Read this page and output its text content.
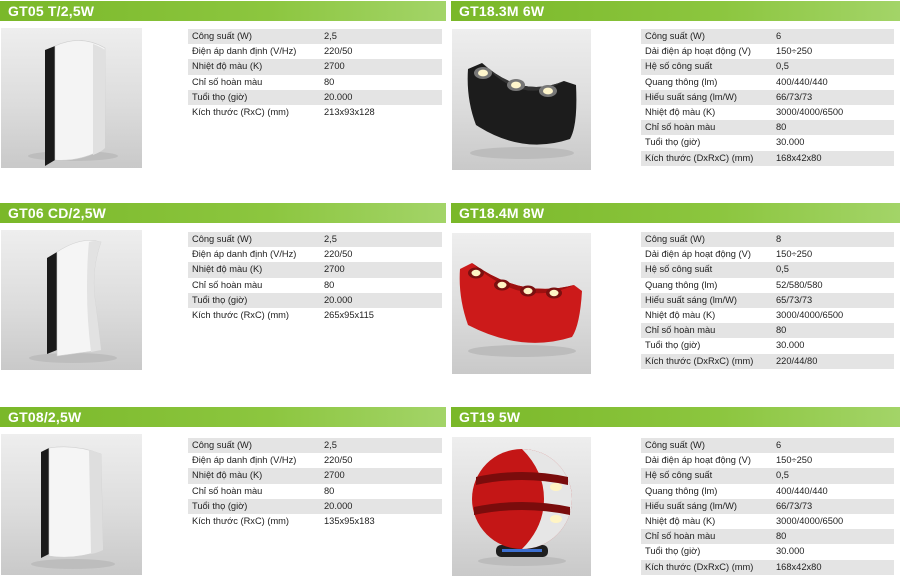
GT05 T/2,5W	GT18.3M 6W
Công suất (W)	2,5
Điện áp danh định (V/Hz)	220/50
Nhiệt độ màu (K)	2700
Chỉ số hoàn màu	80
Tuổi thọ (giờ)	20.000
Kích thước (RxC) (mm)	213x93x128
Công suất (W)	6
Dải điện áp hoạt động (V)	150÷250
Hệ số công suất	0,5
Quang thông (lm)	400/440/440
Hiếu suất sáng (lm/W)	66/73/73
Nhiệt độ màu (K)	3000/4000/6500
Chỉ số hoàn màu	80
Tuổi thọ (giờ)	30.000
Kích thước (DxRxC) (mm)	168x42x80
GT06 CD/2,5W	GT18.4M 8W
Công suất (W)	2,5
Điện áp danh định (V/Hz)	220/50
Nhiệt độ màu (K)	2700
Chỉ số hoàn màu	80
Tuổi thọ (giờ)	20.000
Kích thước (RxC) (mm)	265x95x115
Công suất (W)	8
Dải điện áp hoạt động (V)	150÷250
Hệ số công suất	0,5
Quang thông (lm)	52/580/580
Hiếu suất sáng (lm/W)	65/73/73
Nhiệt độ màu (K)	3000/4000/6500
Chỉ số hoàn màu	80
Tuổi thọ (giờ)	30.000
Kích thước (DxRxC) (mm)	220/44/80
GT08/2,5W	GT19 5W
Công suất (W)	2,5
Điện áp danh định (V/Hz)	220/50
Nhiệt độ màu (K)	2700
Chỉ số hoàn màu	80
Tuổi thọ (giờ)	20.000
Kích thước (RxC) (mm)	135x95x183
Công suất (W)	6
Dải điện áp hoạt động (V)	150÷250
Hệ số công suất	0,5
Quang thông (lm)	400/440/440
Hiếu suất sáng (lm/W)	66/73/73
Nhiệt độ màu (K)	3000/4000/6500
Chỉ số hoàn màu	80
Tuổi thọ (giờ)	30.000
Kích thước (DxRxC) (mm)	168x42x80
